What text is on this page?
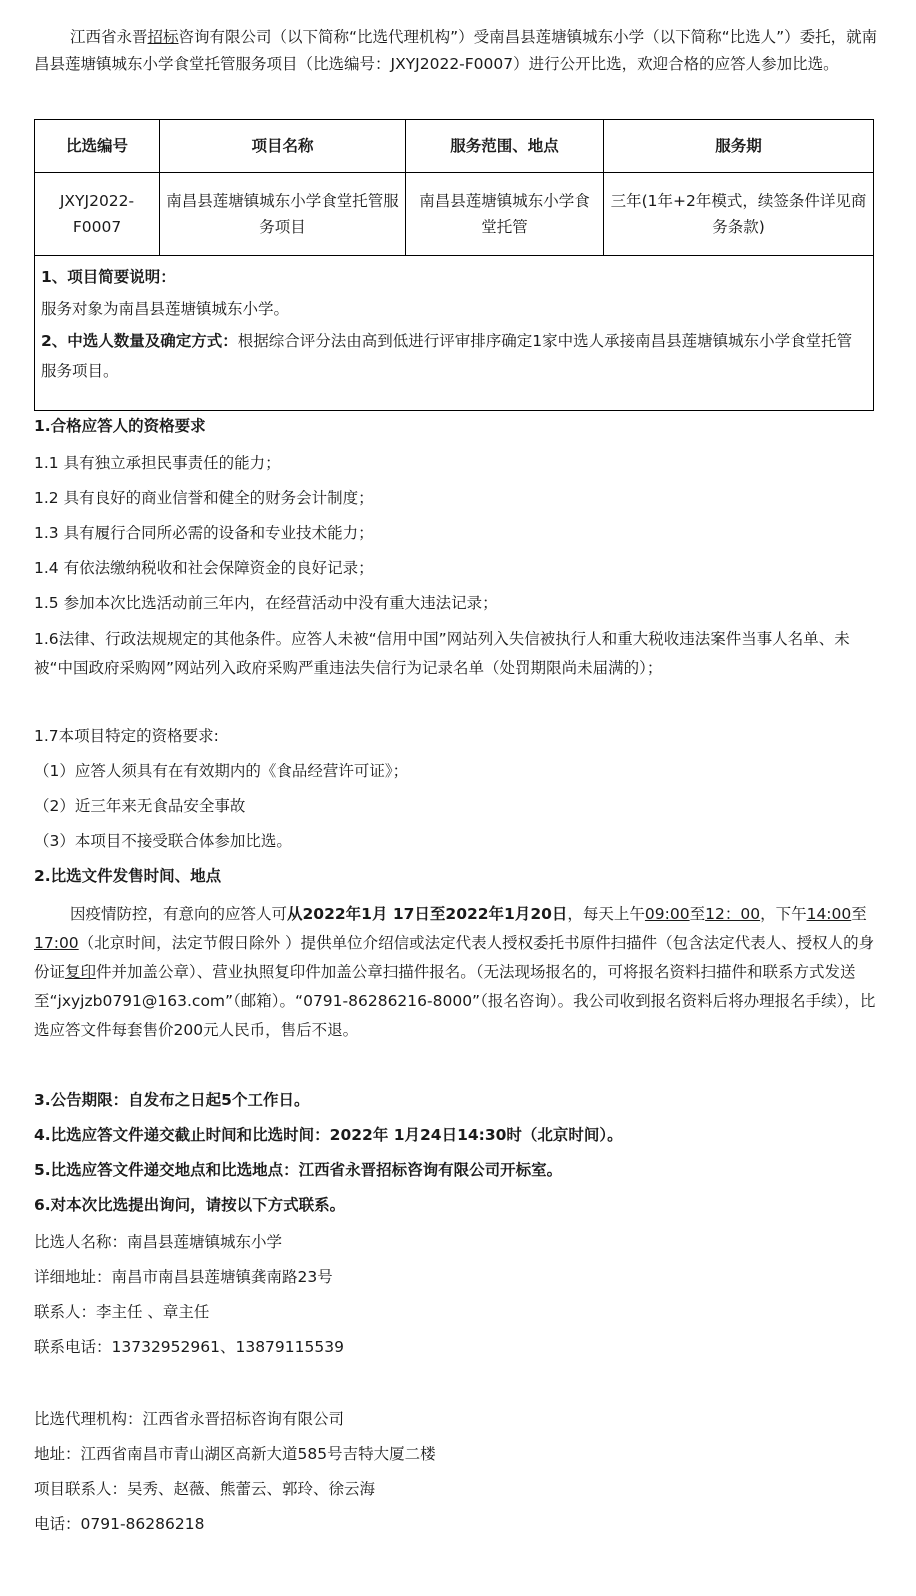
江西省永晋招标咨询有限公司（以下简称“比选代理机构”）受南昌县莲塘镇城东小学（以下简称“比选人”）委托，就南昌县莲塘镇城东小学食堂托管服务项目（比选编号：JXYJ2022-F0007）进行公开比选，欢迎合格的应答人参加比选。

比选编号	项目名称	服务范围、地点	服务期
JXYJ2022-F0007	南昌县莲塘镇城东小学食堂托管服务项目	南昌县莲塘镇城东小学食堂托管	三年(1年+2年模式，续签条件详见商务条款)

1、项目简要说明：
服务对象为南昌县莲塘镇城东小学。
2、中选人数量及确定方式：根据综合评分法由高到低进行评审排序确定1家中选人承接南昌县莲塘镇城东小学食堂托管服务项目。			

1.合格应答人的资格要求

1.1 具有独立承担民事责任的能力；

1.2 具有良好的商业信誉和健全的财务会计制度；

1.3 具有履行合同所必需的设备和专业技术能力；

1.4 有依法缴纳税收和社会保障资金的良好记录；

1.5 参加本次比选活动前三年内，在经营活动中没有重大违法记录；

1.6法律、行政法规规定的其他条件。应答人未被“信用中国”网站列入失信被执行人和重大税收违法案件当事人名单、未被“中国政府采购网”网站列入政府采购严重违法失信行为记录名单（处罚期限尚未届满的）；

1.7本项目特定的资格要求:

（1）应答人须具有在有效期内的《食品经营许可证》；

（2）近三年来无食品安全事故

（3）本项目不接受联合体参加比选。

2.比选文件发售时间、地点

因疫情防控，有意向的应答人可从2022年1月 17日至2022年1月20日，每天上午09:00至12：00，下午14:00至17:00（北京时间，法定节假日除外 ）提供单位介绍信或法定代表人授权委托书原件扫描件（包含法定代表人、授权人的身份证复印件并加盖公章）、营业执照复印件加盖公章扫描件报名。（无法现场报名的，可将报名资料扫描件和联系方式发送至“jxyjzb0791@163.com”（邮箱）。“0791-86286216-8000”（报名咨询）。我公司收到报名资料后将办理报名手续），比选应答文件每套售价200元人民币，售后不退。

3.公告期限：自发布之日起5个工作日。

4.比选应答文件递交截止时间和比选时间：2022年 1月24日14:30时（北京时间）。

5.比选应答文件递交地点和比选地点：江西省永晋招标咨询有限公司开标室。

6.对本次比选提出询问，请按以下方式联系。

比选人名称：南昌县莲塘镇城东小学

详细地址：南昌市南昌县莲塘镇龚南路23号

联系人：李主任 、章主任

联系电话：13732952961、13879115539

比选代理机构：江西省永晋招标咨询有限公司

地址：江西省南昌市青山湖区高新大道585号吉特大厦二楼

项目联系人：吴秀、赵薇、熊蕾云、郭玲、徐云海

电话：0791-86286218
